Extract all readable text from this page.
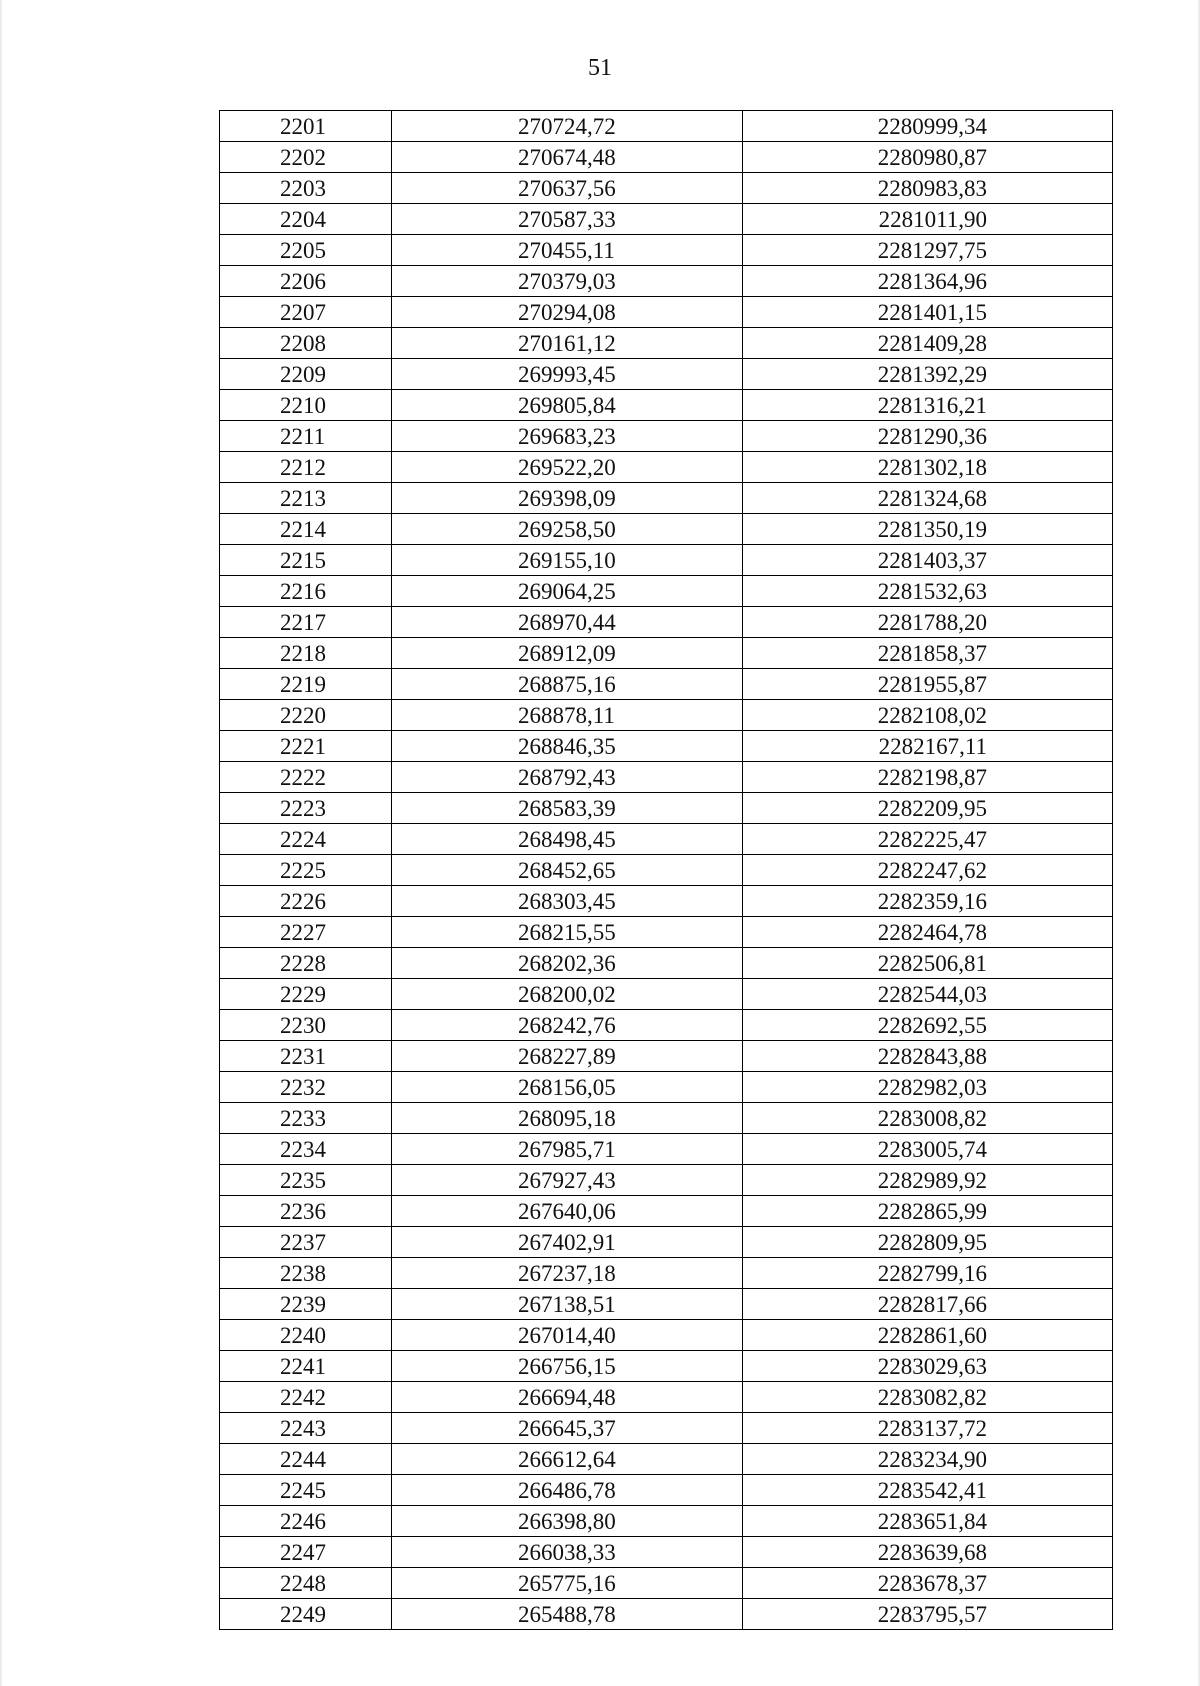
51
2201	270724,72	2280999,34
2202	270674,48	2280980,87
2203	270637,56	2280983,83
2204	270587,33	2281011,90
2205	270455,11	2281297,75
2206	270379,03	2281364,96
2207	270294,08	2281401,15
2208	270161,12	2281409,28
2209	269993,45	2281392,29
2210	269805,84	2281316,21
2211	269683,23	2281290,36
2212	269522,20	2281302,18
2213	269398,09	2281324,68
2214	269258,50	2281350,19
2215	269155,10	2281403,37
2216	269064,25	2281532,63
2217	268970,44	2281788,20
2218	268912,09	2281858,37
2219	268875,16	2281955,87
2220	268878,11	2282108,02
2221	268846,35	2282167,11
2222	268792,43	2282198,87
2223	268583,39	2282209,95
2224	268498,45	2282225,47
2225	268452,65	2282247,62
2226	268303,45	2282359,16
2227	268215,55	2282464,78
2228	268202,36	2282506,81
2229	268200,02	2282544,03
2230	268242,76	2282692,55
2231	268227,89	2282843,88
2232	268156,05	2282982,03
2233	268095,18	2283008,82
2234	267985,71	2283005,74
2235	267927,43	2282989,92
2236	267640,06	2282865,99
2237	267402,91	2282809,95
2238	267237,18	2282799,16
2239	267138,51	2282817,66
2240	267014,40	2282861,60
2241	266756,15	2283029,63
2242	266694,48	2283082,82
2243	266645,37	2283137,72
2244	266612,64	2283234,90
2245	266486,78	2283542,41
2246	266398,80	2283651,84
2247	266038,33	2283639,68
2248	265775,16	2283678,37
2249	265488,78	2283795,57
